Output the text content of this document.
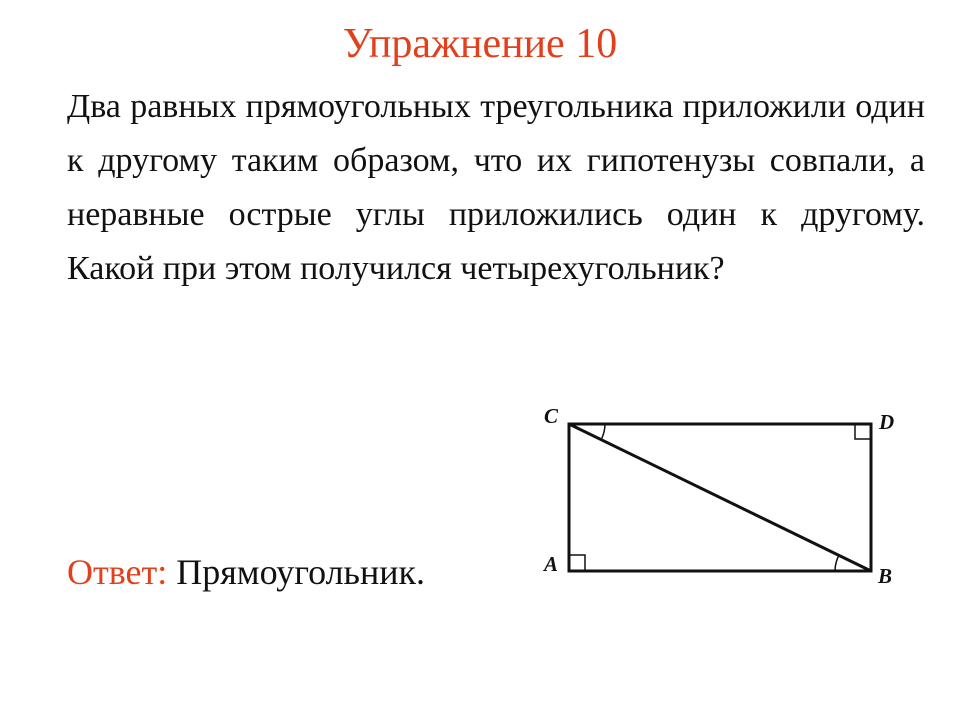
Упражнение 10

Два равных прямоугольных треугольника приложили один к другому таким образом, что их гипотенузы совпали, а неравные острые углы приложились один к другому. Какой при этом получился четырехугольник?

Ответ: Прямоугольник.
C	D
A	B
